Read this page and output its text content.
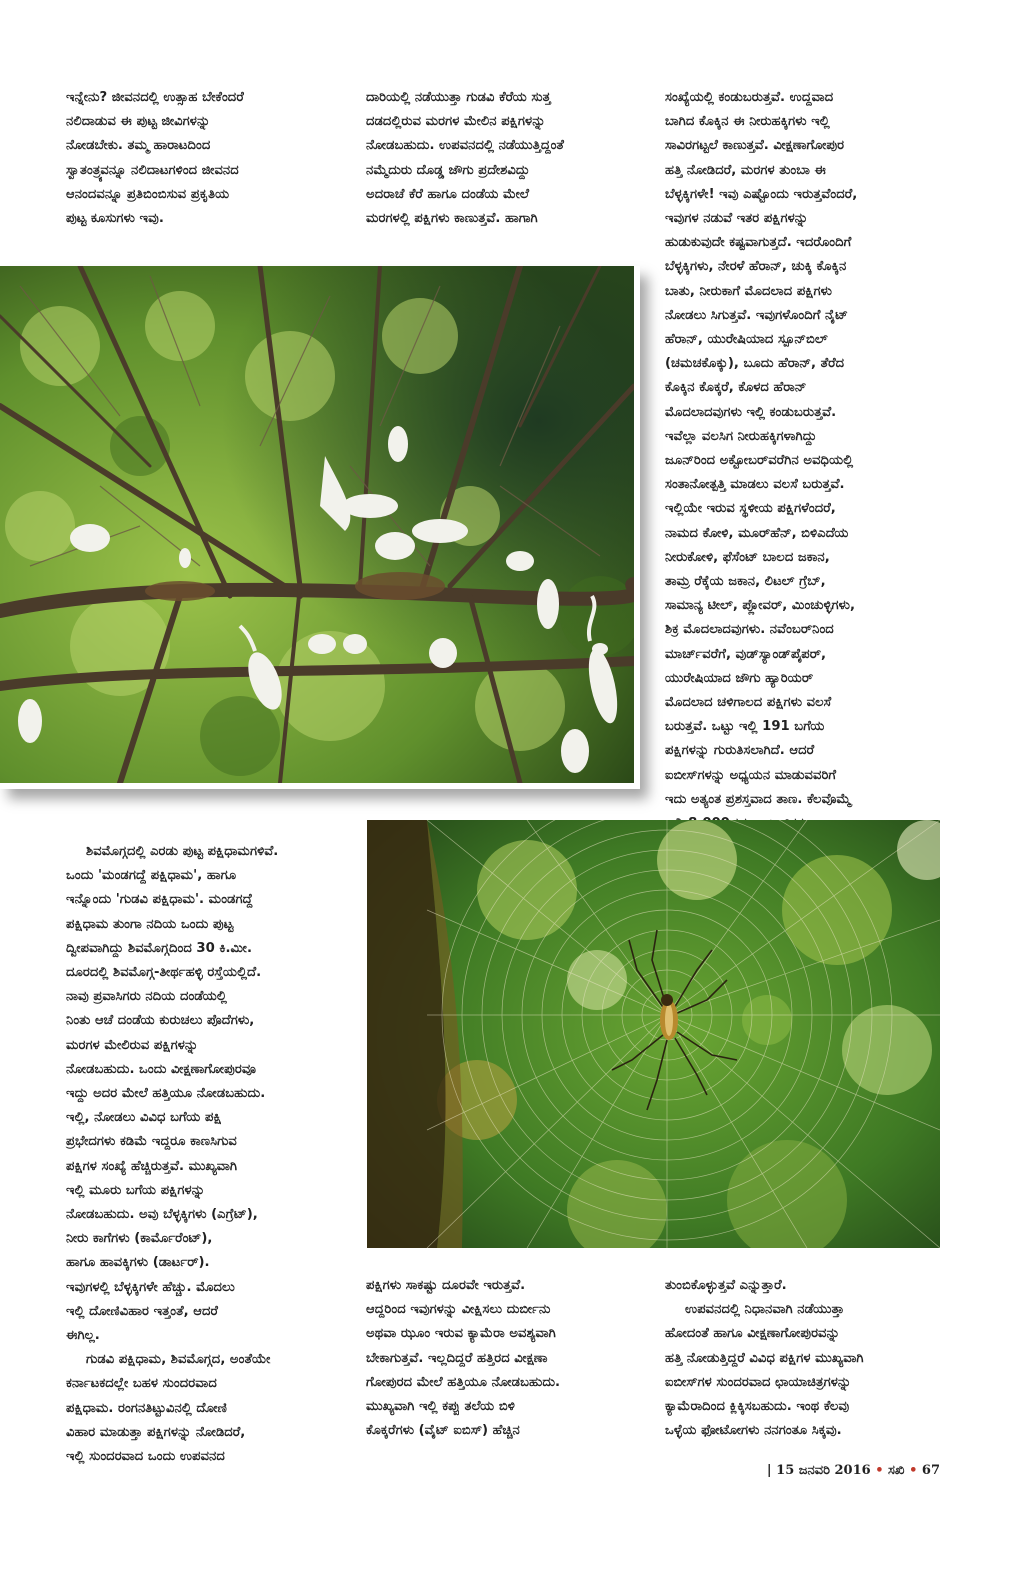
ಇನ್ನೇನು? ಜೀವನದಲ್ಲಿ ಉತ್ಸಾಹ ಬೇಕೆಂದರೆ
ನಲಿದಾಡುವ ಈ ಪುಟ್ಟ ಜೀವಿಗಳನ್ನು
ನೋಡಬೇಕು. ತಮ್ಮ ಹಾರಾಟದಿಂದ
ಸ್ವಾತಂತ್ರ್ಯವನ್ನೂ ನಲಿದಾಟಗಳಿಂದ ಜೀವನದ
ಆನಂದವನ್ನೂ ಪ್ರತಿಬಿಂಬಿಸುವ ಪ್ರಕೃತಿಯ
ಪುಟ್ಟ ಕೂಸುಗಳು ಇವು.
ದಾರಿಯಲ್ಲಿ ನಡೆಯುತ್ತಾ ಗುಡವಿ ಕೆರೆಯ ಸುತ್ತ
ದಡದಲ್ಲಿರುವ ಮರಗಳ ಮೇಲಿನ ಪಕ್ಷಿಗಳನ್ನು
ನೋಡಬಹುದು. ಉಪವನದಲ್ಲಿ ನಡೆಯುತ್ತಿದ್ದಂತೆ
ನಮ್ಮೆದುರು ದೊಡ್ಡ ಜೌಗು ಪ್ರದೇಶವಿದ್ದು
ಅದರಾಚೆ ಕೆರೆ ಹಾಗೂ ದಂಡೆಯ ಮೇಲೆ
ಮರಗಳಲ್ಲಿ ಪಕ್ಷಿಗಳು ಕಾಣುತ್ತವೆ. ಹಾಗಾಗಿ
ಸಂಖ್ಯೆಯಲ್ಲಿ ಕಂಡುಬರುತ್ತವೆ. ಉದ್ದವಾದ
ಬಾಗಿದ ಕೊಕ್ಕಿನ ಈ ನೀರುಹಕ್ಕಿಗಳು ಇಲ್ಲಿ
ಸಾವಿರಗಟ್ಟಲೆ ಕಾಣುತ್ತವೆ. ವೀಕ್ಷಣಾಗೋಪುರ
ಹತ್ತಿ ನೋಡಿದರೆ, ಮರಗಳ ತುಂಬಾ ಈ
ಬೆಳ್ಳಕ್ಕಿಗಳೇ! ಇವು ಎಷ್ಟೊಂದು ಇರುತ್ತವೆಂದರೆ,
ಇವುಗಳ ನಡುವೆ ಇತರ ಪಕ್ಷಿಗಳನ್ನು
ಹುಡುಕುವುದೇ ಕಷ್ಟವಾಗುತ್ತದೆ. ಇದರೊಂದಿಗೆ
ಬೆಳ್ಳಕ್ಕಿಗಳು, ನೇರಳೆ ಹೆರಾನ್, ಚುಕ್ಕಿ ಕೊಕ್ಕಿನ
ಬಾತು, ನೀರುಕಾಗೆ ಮೊದಲಾದ ಪಕ್ಷಿಗಳು
ನೋಡಲು ಸಿಗುತ್ತವೆ. ಇವುಗಳೊಂದಿಗೆ ನೈಟ್
ಹೆರಾನ್, ಯುರೇಷಿಯಾದ ಸ್ಪೂನ್‌ಬಿಲ್
(ಚಮಚಕೊಕ್ಕು), ಬೂದು ಹೆರಾನ್, ತೆರೆದ
ಕೊಕ್ಕಿನ ಕೊಕ್ಕರೆ, ಕೊಳದ ಹೆರಾನ್
ಮೊದಲಾದವುಗಳು ಇಲ್ಲಿ ಕಂಡುಬರುತ್ತವೆ.
ಇವೆಲ್ಲಾ ವಲಸಿಗ ನೀರುಹಕ್ಕಿಗಳಾಗಿದ್ದು
ಜೂನ್‌ರಿಂದ ಅಕ್ಟೋಬರ್‌ವರೆಗಿನ ಅವಧಿಯಲ್ಲಿ
ಸಂತಾನೋತ್ಪತ್ತಿ ಮಾಡಲು ವಲಸೆ ಬರುತ್ತವೆ.
ಇಲ್ಲಿಯೇ ಇರುವ ಸ್ಥಳೀಯ ಪಕ್ಷಿಗಳೆಂದರೆ,
ನಾಮದ ಕೋಳಿ, ಮೂರ್‌ಹೆನ್, ಬಿಳಿಎದೆಯ
ನೀರುಕೋಳಿ, ಫೆಸೆಂಟ್ ಬಾಲದ ಜಕಾನ,
ತಾಮ್ರ ರೆಕ್ಕೆಯ ಜಕಾನ, ಲಿಟಲ್ ಗ್ರೆಬ್,
ಸಾಮಾನ್ಯ ಟೀಲ್, ಪ್ಲೋವರ್, ಮಿಂಚುಳ್ಳಿಗಳು,
ಶಿಕ್ರ ಮೊದಲಾದವುಗಳು. ನವೆಂಬರ್‌ನಿಂದ
ಮಾರ್ಚ್‌ವರೆಗೆ, ವುಡ್‌ಸ್ಯಾಂಡ್‌ಪೈಪರ್,
ಯುರೇಷಿಯಾದ ಜೌಗು ಹ್ಯಾರಿಯರ್
ಮೊದಲಾದ ಚಳಿಗಾಲದ ಪಕ್ಷಿಗಳು ವಲಸೆ
ಬರುತ್ತವೆ. ಒಟ್ಟು ಇಲ್ಲಿ 191 ಬಗೆಯ
ಪಕ್ಷಿಗಳನ್ನು ಗುರುತಿಸಲಾಗಿದೆ. ಆದರೆ
ಐಬೀಸ್‌ಗಳನ್ನು ಅಧ್ಯಯನ ಮಾಡುವವರಿಗೆ
ಇದು ಅತ್ಯಂತ ಪ್ರಶಸ್ತವಾದ ತಾಣ. ಕೆಲವೊಮ್ಮೆ
ಶಿವಮೊಗ್ಗದಲ್ಲಿ ಎರಡು ಪುಟ್ಟ ಪಕ್ಷಿಧಾಮಗಳಿವೆ.
ಒಂದು 'ಮಂಡಗದ್ದೆ ಪಕ್ಷಿಧಾಮ', ಹಾಗೂ
ಇನ್ನೊಂದು 'ಗುಡವಿ ಪಕ್ಷಿಧಾಮ'. ಮಂಡಗದ್ದೆ
ಪಕ್ಷಿಧಾಮ ತುಂಗಾ ನದಿಯ ಒಂದು ಪುಟ್ಟ
ದ್ವೀಪವಾಗಿದ್ದು ಶಿವಮೊಗ್ಗದಿಂದ 30 ಕಿ.ಮೀ.
ದೂರದಲ್ಲಿ ಶಿವಮೊಗ್ಗ-ತೀರ್ಥಹಳ್ಳಿ ರಸ್ತೆಯಲ್ಲಿದೆ.
ನಾವು ಪ್ರವಾಸಿಗರು ನದಿಯ ದಂಡೆಯಲ್ಲಿ
ನಿಂತು ಆಚೆ ದಂಡೆಯ ಕುರುಚಲು ಪೊದೆಗಳು,
ಮರಗಳ ಮೇಲಿರುವ ಪಕ್ಷಿಗಳನ್ನು
ನೋಡಬಹುದು. ಒಂದು ವೀಕ್ಷಣಾಗೋಪುರವೂ
ಇದ್ದು ಅದರ ಮೇಲೆ ಹತ್ತಿಯೂ ನೋಡಬಹುದು.
ಇಲ್ಲಿ, ನೋಡಲು ವಿವಿಧ ಬಗೆಯ ಪಕ್ಷಿ
ಪ್ರಭೇದಗಳು ಕಡಿಮೆ ಇದ್ದರೂ ಕಾಣಸಿಗುವ
ಪಕ್ಷಿಗಳ ಸಂಖ್ಯೆ ಹೆಚ್ಚಿರುತ್ತವೆ. ಮುಖ್ಯವಾಗಿ
ಇಲ್ಲಿ ಮೂರು ಬಗೆಯ ಪಕ್ಷಿಗಳನ್ನು
ನೋಡಬಹುದು. ಅವು ಬೆಳ್ಳಕ್ಕಿಗಳು (ಎಗ್ರೆಟ್),
ನೀರು ಕಾಗೆಗಳು (ಕಾರ್ಮೊರೆಂಟ್),
ಹಾಗೂ ಹಾವಕ್ಕಿಗಳು (ಡಾರ್ಟರ್).
ಇವುಗಳಲ್ಲಿ ಬೆಳ್ಳಕ್ಕಿಗಳೇ ಹೆಚ್ಚು. ಮೊದಲು
ಇಲ್ಲಿ ದೋಣಿವಿಹಾರ ಇತ್ತಂತೆ, ಆದರೆ
ಈಗಿಲ್ಲ.
ಗುಡವಿ ಪಕ್ಷಿಧಾಮ, ಶಿವಮೊಗ್ಗದ, ಅಂತೆಯೇ
ಕರ್ನಾಟಕದಲ್ಲೇ ಬಹಳ ಸುಂದರವಾದ
ಪಕ್ಷಿಧಾಮ. ರಂಗನತಿಟ್ಟುವಿನಲ್ಲಿ ದೋಣಿ
ವಿಹಾರ ಮಾಡುತ್ತಾ ಪಕ್ಷಿಗಳನ್ನು ನೋಡಿದರೆ,
ಇಲ್ಲಿ ಸುಂದರವಾದ ಒಂದು ಉಪವನದ
ಪಕ್ಷಿಗಳು ಸಾಕಷ್ಟು ದೂರವೇ ಇರುತ್ತವೆ.
ಆದ್ದರಿಂದ ಇವುಗಳನ್ನು ವೀಕ್ಷಿಸಲು ದುರ್ಬೀನು
ಅಥವಾ ಝೂಂ ಇರುವ ಕ್ಯಾಮೆರಾ ಅವಶ್ಯವಾಗಿ
ಬೇಕಾಗುತ್ತವೆ. ಇಲ್ಲದಿದ್ದರೆ ಹತ್ತಿರದ ವೀಕ್ಷಣಾ
ಗೋಪುರದ ಮೇಲೆ ಹತ್ತಿಯೂ ನೋಡಬಹುದು.
ಮುಖ್ಯವಾಗಿ ಇಲ್ಲಿ ಕಪ್ಪು ತಲೆಯ ಬಿಳಿ
ಕೊಕ್ಕರೆಗಳು (ವೈಟ್ ಐಬಿಸ್) ಹೆಚ್ಚಿನ
ತುಂಬಿಕೊಳ್ಳುತ್ತವೆ ಎನ್ನುತ್ತಾರೆ.
ಉಪವನದಲ್ಲಿ ನಿಧಾನವಾಗಿ ನಡೆಯುತ್ತಾ
ಹೋದಂತೆ ಹಾಗೂ ವೀಕ್ಷಣಾಗೋಪುರವನ್ನು
ಹತ್ತಿ ನೋಡುತ್ತಿದ್ದರೆ ವಿವಿಧ ಪಕ್ಷಿಗಳ ಮುಖ್ಯವಾಗಿ
ಐಬೀಸ್‌ಗಳ ಸುಂದರವಾದ ಛಾಯಾಚಿತ್ರಗಳನ್ನು
ಕ್ಯಾಮೆರಾದಿಂದ ಕ್ಲಿಕ್ಕಿಸಬಹುದು. ಇಂಥ ಕೆಲವು
ಒಳ್ಳೆಯ ಫೋಟೋಗಳು ನನಗಂತೂ ಸಿಕ್ಕವು.
| 15 ಜನವರಿ 2016 • ಸಖಿ • 67
